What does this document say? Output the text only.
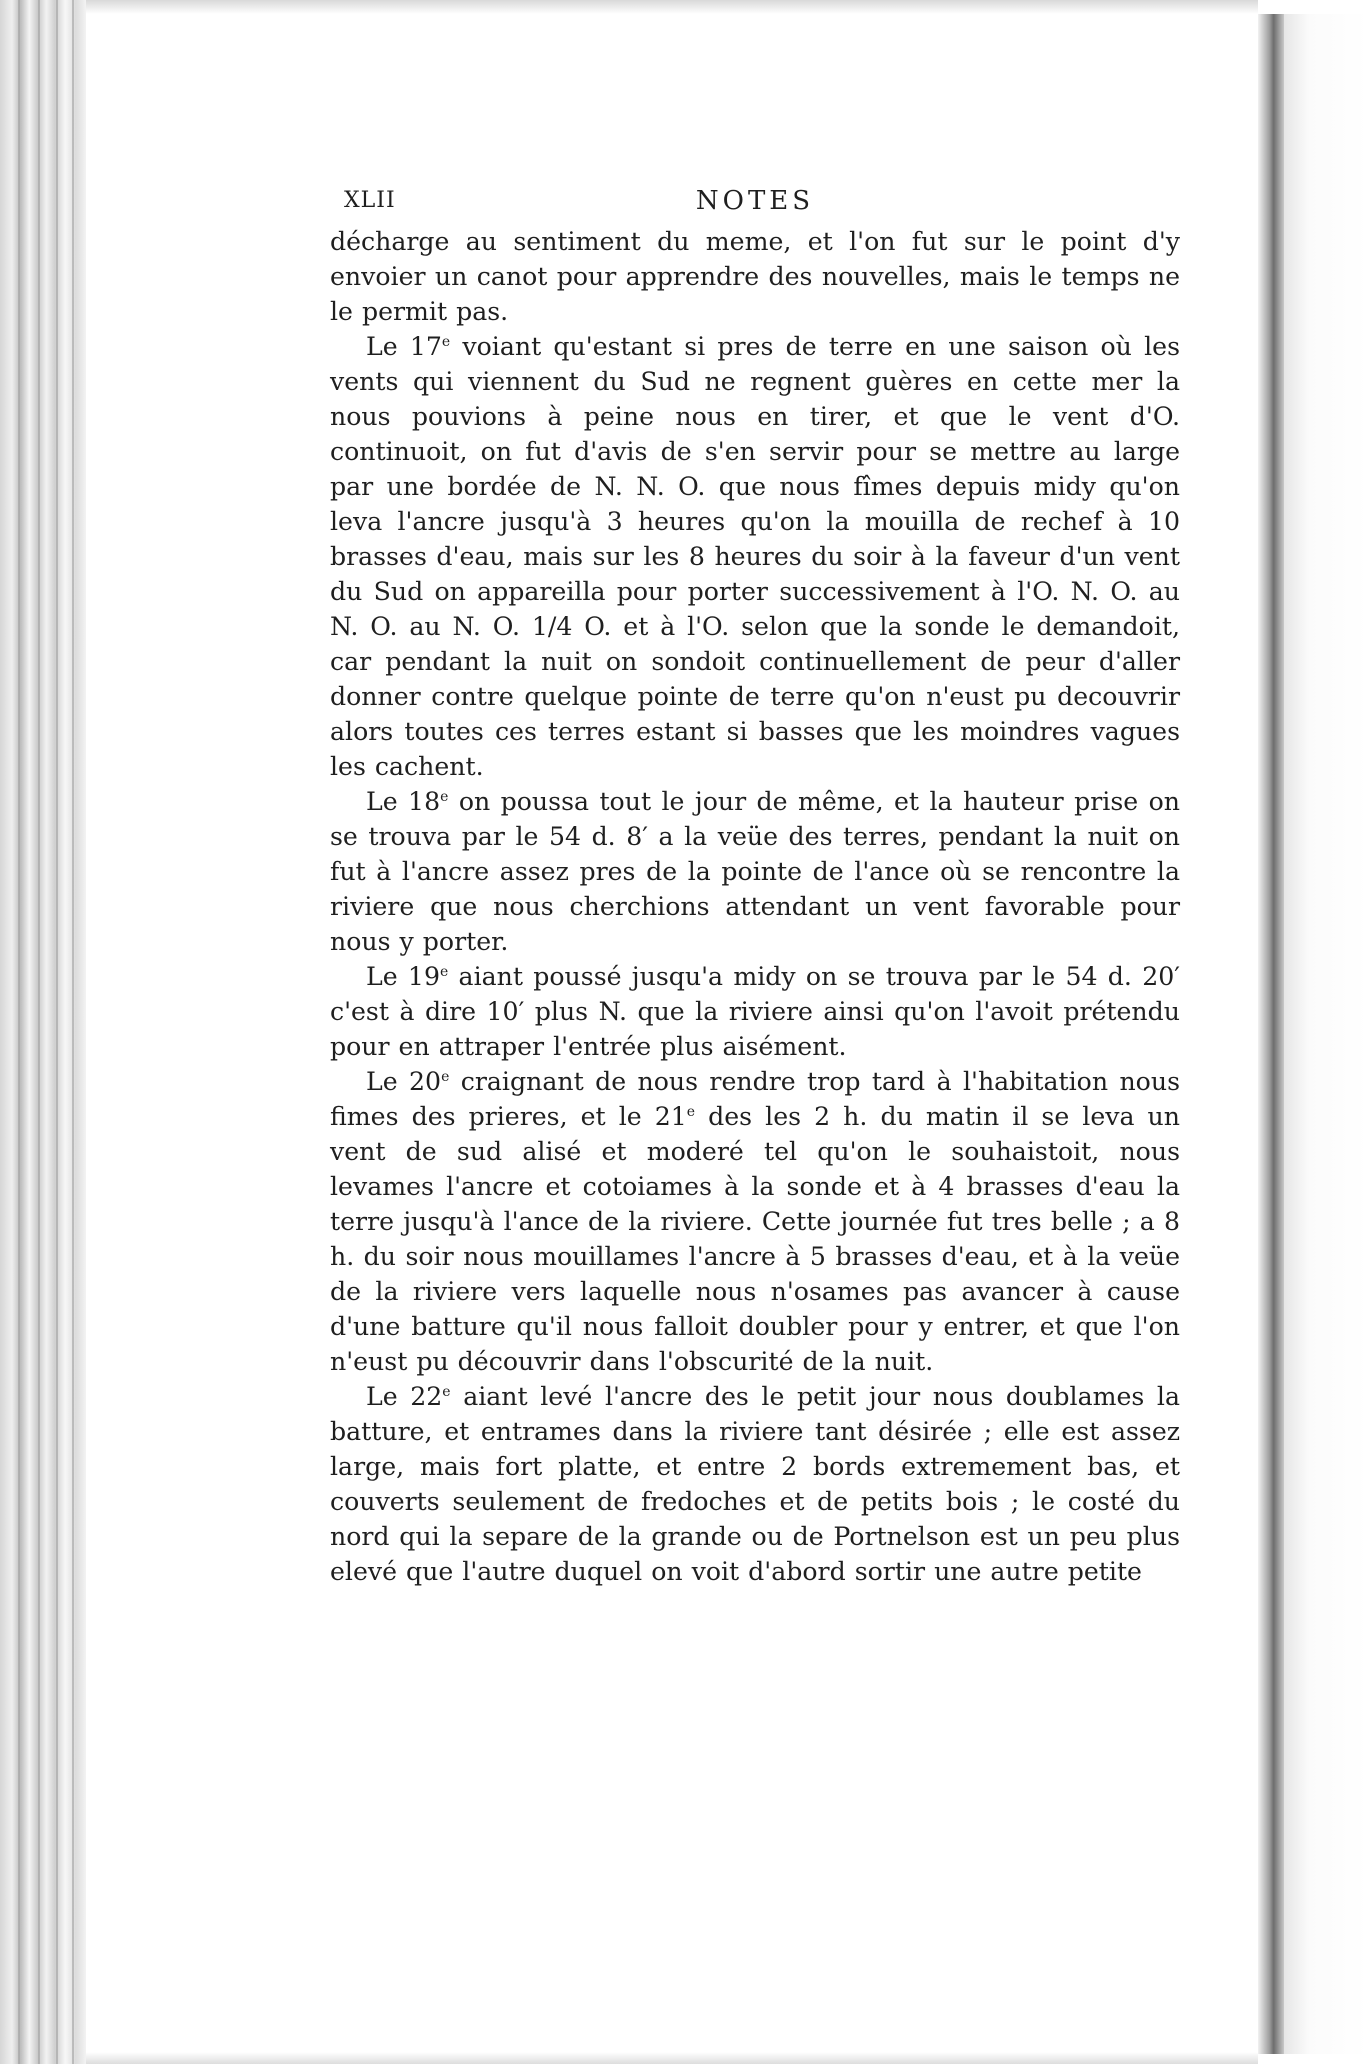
XLII	NOTES

décharge au sentiment du meme, et l'on fut sur le point d'y envoier un canot pour apprendre des nouvelles, mais le temps ne le permit pas.

Le 17e voiant qu'estant si pres de terre en une saison où les vents qui viennent du Sud ne regnent guères en cette mer la nous pouvions à peine nous en tirer, et que le vent d'O. continuoit, on fut d'avis de s'en servir pour se mettre au large par une bordée de N. N. O. que nous fîmes depuis midy qu'on leva l'ancre jusqu'à 3 heures qu'on la mouilla de rechef à 10 brasses d'eau, mais sur les 8 heures du soir à la faveur d'un vent du Sud on appareilla pour porter successivement à l'O. N. O. au N. O. au N. O. 1/4 O. et à l'O. selon que la sonde le demandoit, car pendant la nuit on sondoit continuellement de peur d'aller donner contre quelque pointe de terre qu'on n'eust pu decouvrir alors toutes ces terres estant si basses que les moindres vagues les cachent.

Le 18e on poussa tout le jour de même, et la hauteur prise on se trouva par le 54 d. 8′ a la veüe des terres, pendant la nuit on fut à l'ancre assez pres de la pointe de l'ance où se rencontre la riviere que nous cherchions attendant un vent favorable pour nous y porter.

Le 19e aiant poussé jusqu'a midy on se trouva par le 54 d. 20′ c'est à dire 10′ plus N. que la riviere ainsi qu'on l'avoit prétendu pour en attraper l'entrée plus aisément.

Le 20e craignant de nous rendre trop tard à l'habitation nous fimes des prieres, et le 21e des les 2 h. du matin il se leva un vent de sud alisé et moderé tel qu'on le souhaistoit, nous levames l'ancre et cotoiames à la sonde et à 4 brasses d'eau la terre jusqu'à l'ance de la riviere. Cette journée fut tres belle ; a 8 h. du soir nous mouillames l'ancre à 5 brasses d'eau, et à la veüe de la riviere vers laquelle nous n'osames pas avancer à cause d'une batture qu'il nous falloit doubler pour y entrer, et que l'on n'eust pu découvrir dans l'obscurité de la nuit.

Le 22e aiant levé l'ancre des le petit jour nous doublames la batture, et entrames dans la riviere tant désirée ; elle est assez large, mais fort platte, et entre 2 bords extremement bas, et couverts seulement de fredoches et de petits bois ; le costé du nord qui la separe de la grande ou de Portnelson est un peu plus elevé que l'autre duquel on voit d'abord sortir une autre petite
